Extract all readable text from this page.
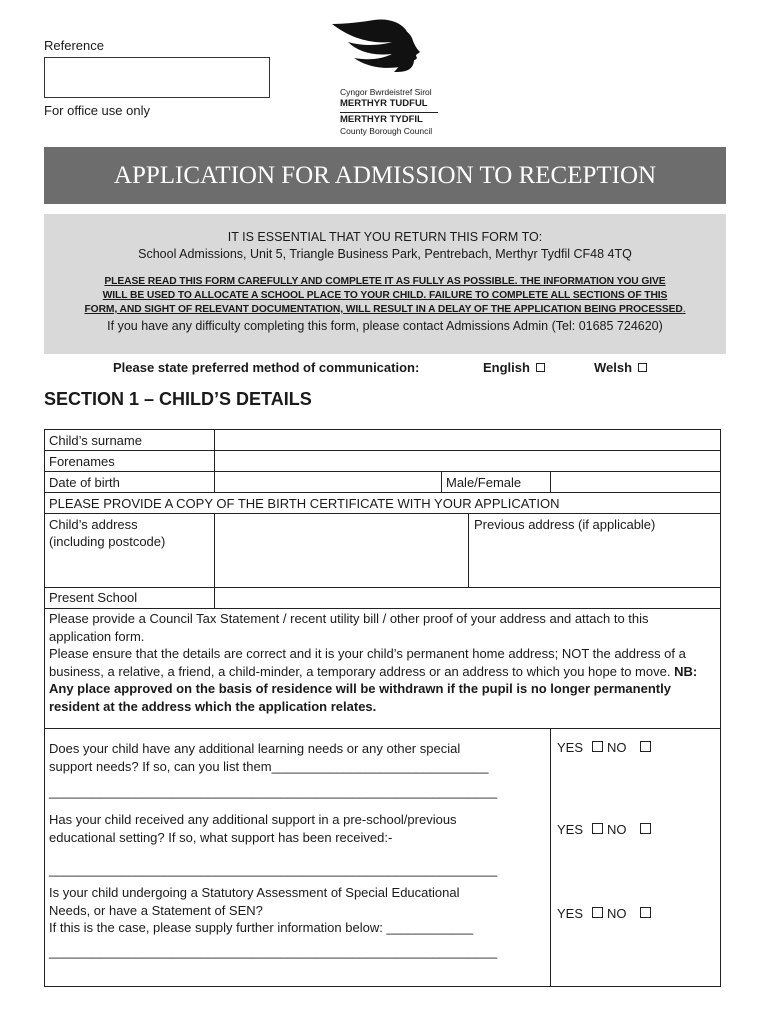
Reference
For office use only
Cyngor Bwrdeistref Sirol
MERTHYR TUDFUL
MERTHYR TYDFIL
County Borough Council
APPLICATION FOR ADMISSION TO RECEPTION
IT IS ESSENTIAL THAT YOU RETURN THIS FORM TO:
School Admissions, Unit 5, Triangle Business Park, Pentrebach, Merthyr Tydfil CF48 4TQ
PLEASE READ THIS FORM CAREFULLY AND COMPLETE IT AS FULLY AS POSSIBLE. THE INFORMATION YOU GIVE
WILL BE USED TO ALLOCATE A SCHOOL PLACE TO YOUR CHILD. FAILURE TO COMPLETE ALL SECTIONS OF THIS
FORM, AND SIGHT OF RELEVANT DOCUMENTATION, WILL RESULT IN A DELAY OF THE APPLICATION BEING PROCESSED.
If you have any difficulty completing this form, please contact Admissions Admin (Tel: 01685 724620)
Please state preferred method of communication:	English	Welsh
SECTION 1 – CHILD’S DETAILS
Child’s surname
Forenames
Date of birth	Male/Female
PLEASE PROVIDE A COPY OF THE BIRTH CERTIFICATE WITH YOUR APPLICATION
Child’s address
(including postcode)
Previous address (if applicable)
Present School
Please provide a Council Tax Statement / recent utility bill / other proof of your address and attach to this application form.
Please ensure that the details are correct and it is your child’s permanent home address; NOT the address of a business, a relative, a friend, a child-minder, a temporary address or an address to which you hope to move. NB: Any place approved on the basis of residence will be withdrawn if the pupil is no longer permanently resident at the address which the application relates.
Does your child have any additional learning needs or any other special
support needs? If so, can you list them______________________________
______________________________________________________________
YES NO
Has your child received any additional support in a pre-school/previous
educational setting? If so, what support has been received:-
______________________________________________________________
YES NO
Is your child undergoing a Statutory Assessment of Special Educational
Needs, or have a Statement of SEN?
If this is the case, please supply further information below: ____________
______________________________________________________________
YES NO
